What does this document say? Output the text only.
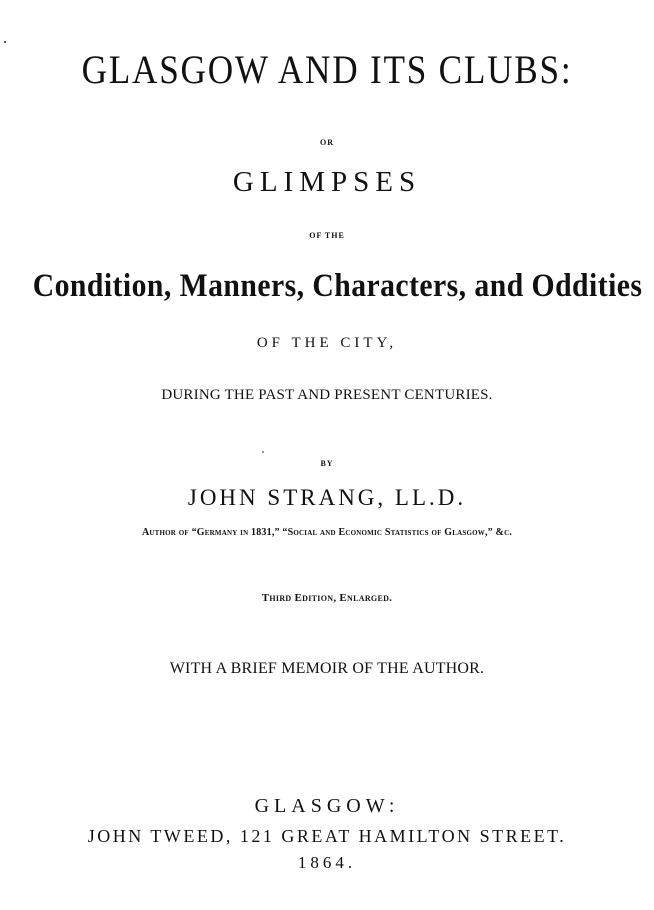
GLASGOW AND ITS CLUBS:
OR
GLIMPSES
OF THE
Condition, Manners, Characters, and Oddities
OF THE CITY,
DURING THE PAST AND PRESENT CENTURIES.
BY
JOHN STRANG, LL.D.
Author of “Germany in 1831,” “Social and Economic Statistics of Glasgow,” &c.
Third Edition, Enlarged.
WITH A BRIEF MEMOIR OF THE AUTHOR.
GLASGOW:
JOHN TWEED, 121 GREAT HAMILTON STREET.
1864.
